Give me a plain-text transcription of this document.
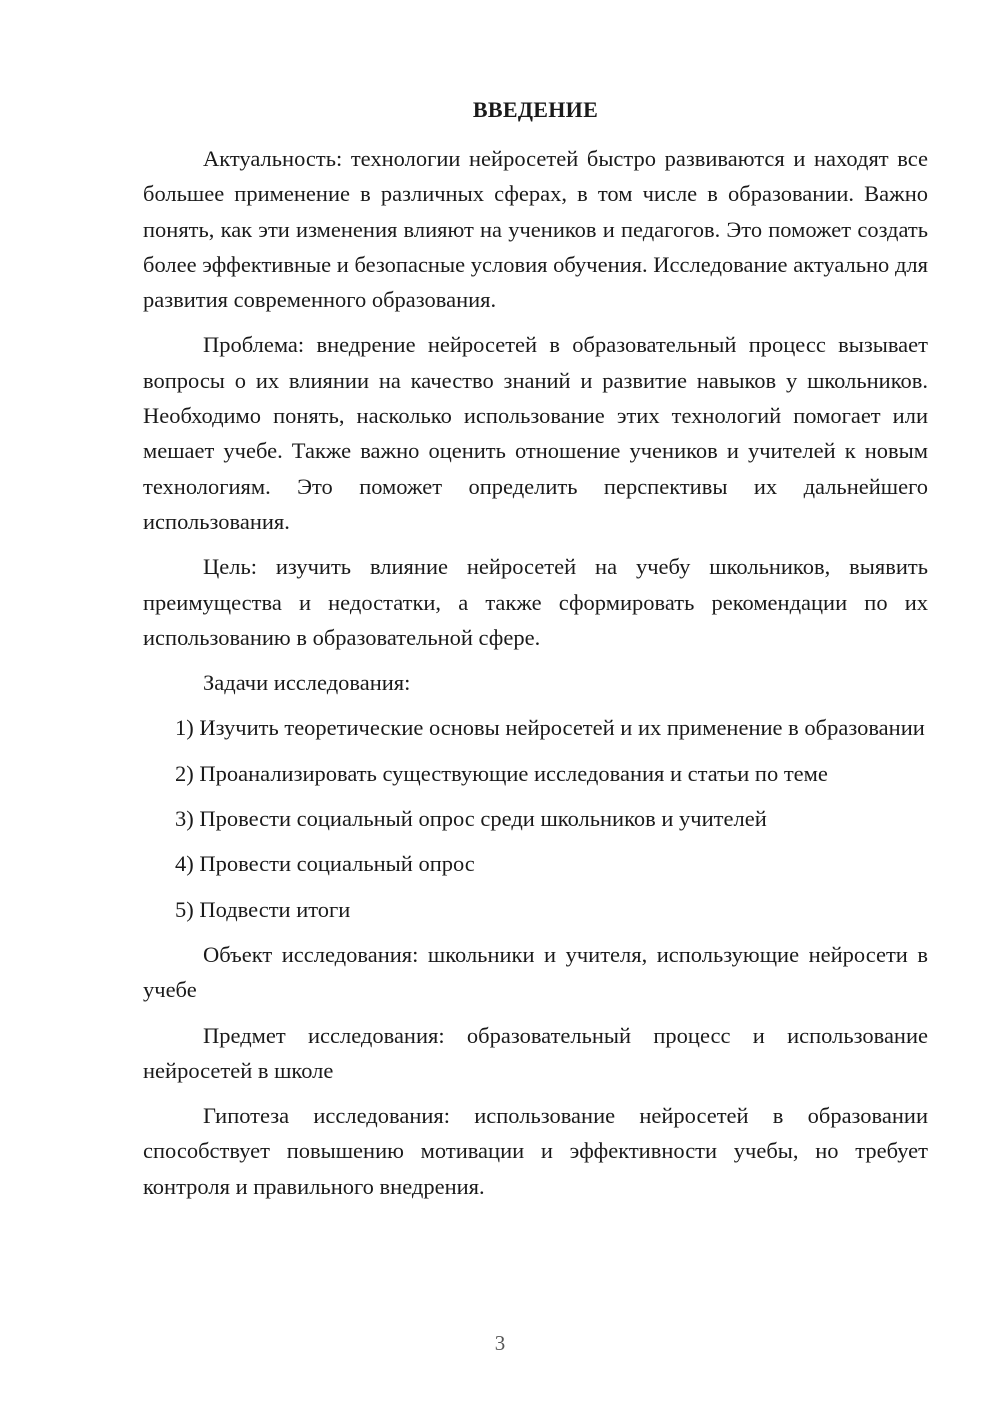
ВВЕДЕНИЕ

Актуальность: технологии нейросетей быстро развиваются и находят все большее применение в различных сферах, в том числе в образовании. Важно понять, как эти изменения влияют на учеников и педагогов. Это поможет создать более эффективные и безопасные условия обучения. Исследование актуально для развития современного образования.

Проблема: внедрение нейросетей в образовательный процесс вызывает вопросы о их влиянии на качество знаний и развитие навыков у школьников. Необходимо понять, насколько использование этих технологий помогает или мешает учебе. Также важно оценить отношение учеников и учителей к новым технологиям. Это поможет определить перспективы их дальнейшего использования.

Цель: изучить влияние нейросетей на учебу школьников, выявить преимущества и недостатки, а также сформировать рекомендации по их использованию в образовательной сфере.

Задачи исследования:

1) Изучить теоретические основы нейросетей и их применение в образовании

2) Проанализировать существующие исследования и статьи по теме

3) Провести социальный опрос среди школьников и учителей

4) Провести социальный опрос

5) Подвести итоги

Объект исследования: школьники и учителя, использующие нейросети в учебе

Предмет исследования: образовательный процесс и использование нейросетей в школе

Гипотеза исследования: использование нейросетей в образовании способствует повышению мотивации и эффективности учебы, но требует контроля и правильного внедрения.

3
